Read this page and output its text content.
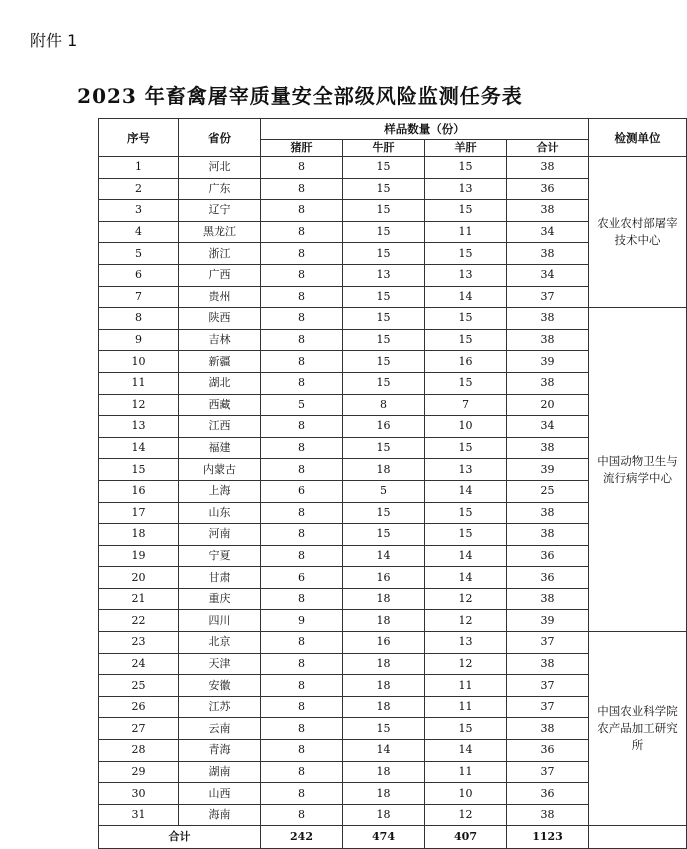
附件 1
2023 年畜禽屠宰质量安全部级风险监测任务表
序号	省份	样品数量（份）				检测单位
		猪肝	牛肝	羊肝	合计	
1	河北	8	15	15	38	农业农村部屠宰技术中心
2	广东	8	15	13	36	
3	辽宁	8	15	15	38	
4	黑龙江	8	15	11	34	
5	浙江	8	15	15	38	
6	广西	8	13	13	34	
7	贵州	8	15	14	37	
8	陕西	8	15	15	38	中国动物卫生与流行病学中心
9	吉林	8	15	15	38	
10	新疆	8	15	16	39	
11	湖北	8	15	15	38	
12	西藏	5	8	7	20	
13	江西	8	16	10	34	
14	福建	8	15	15	38	
15	内蒙古	8	18	13	39	
16	上海	6	5	14	25	
17	山东	8	15	15	38	
18	河南	8	15	15	38	
19	宁夏	8	14	14	36	
20	甘肃	6	16	14	36	
21	重庆	8	18	12	38	
22	四川	9	18	12	39	
23	北京	8	16	13	37	中国农业科学院农产品加工研究所
24	天津	8	18	12	38	
25	安徽	8	18	11	37	
26	江苏	8	18	11	37	
27	云南	8	15	15	38	
28	青海	8	14	14	36	
29	湖南	8	18	11	37	
30	山西	8	18	10	36	
31	海南	8	18	12	38	
合计		242	474	407	1123	
